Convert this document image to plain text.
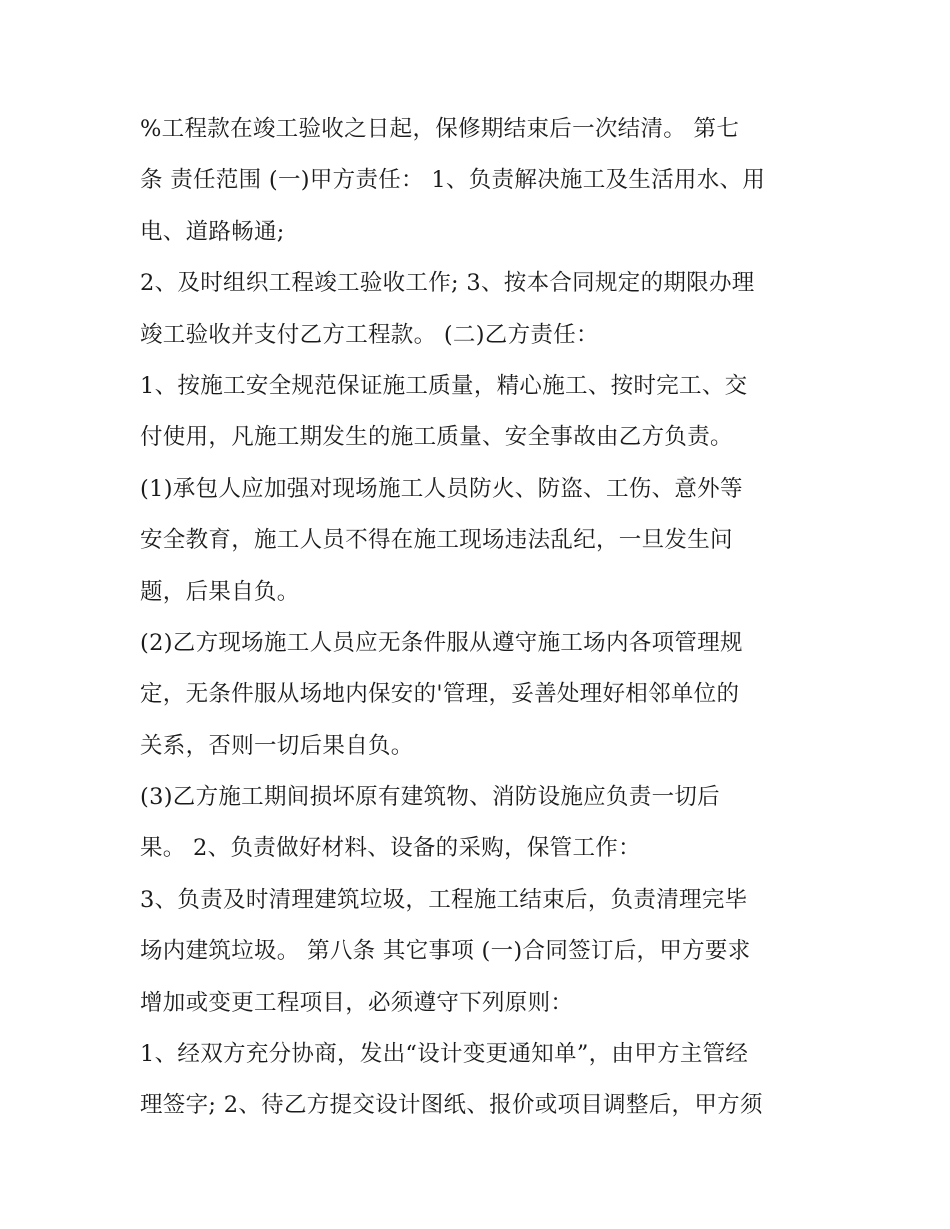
%工程款在竣工验收之日起，保修期结束后一次结清。 第七
条 责任范围 (一)甲方责任： 1、负责解决施工及生活用水、用
电、道路畅通;
2、及时组织工程竣工验收工作; 3、按本合同规定的期限办理
竣工验收并支付乙方工程款。 (二)乙方责任：
1、按施工安全规范保证施工质量，精心施工、按时完工、交
付使用，凡施工期发生的施工质量、安全事故由乙方负责。
(1)承包人应加强对现场施工人员防火、防盗、工伤、意外等
安全教育，施工人员不得在施工现场违法乱纪，一旦发生问
题，后果自负。
(2)乙方现场施工人员应无条件服从遵守施工场内各项管理规
定，无条件服从场地内保安的'管理，妥善处理好相邻单位的
关系，否则一切后果自负。
(3)乙方施工期间损坏原有建筑物、消防设施应负责一切后
果。 2、负责做好材料、设备的采购，保管工作：
3、负责及时清理建筑垃圾，工程施工结束后，负责清理完毕
场内建筑垃圾。 第八条 其它事项 (一)合同签订后，甲方要求
增加或变更工程项目，必须遵守下列原则：
1、经双方充分协商，发出“设计变更通知单”，由甲方主管经
理签字; 2、待乙方提交设计图纸、报价或项目调整后，甲方须
